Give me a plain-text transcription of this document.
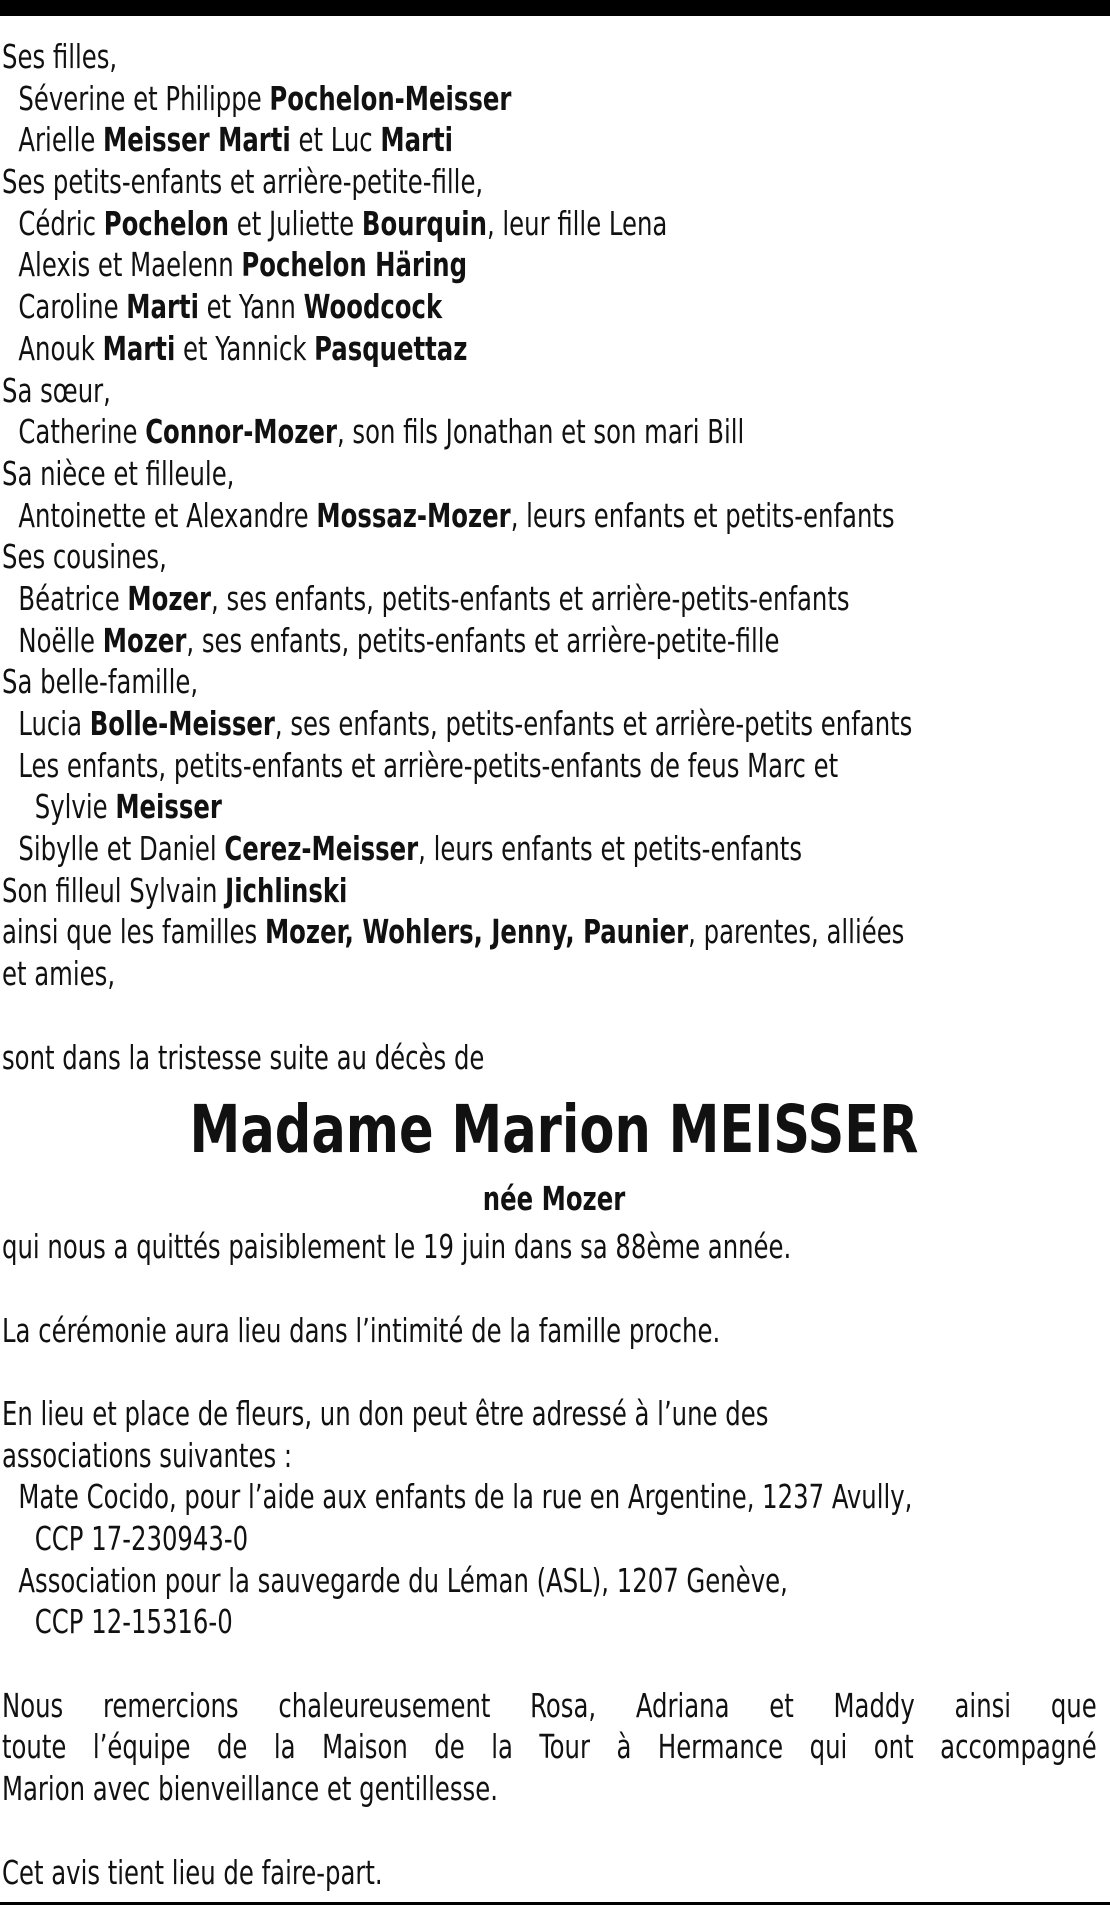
Ses filles,
Séverine et Philippe Pochelon-Meisser
Arielle Meisser Marti et Luc Marti
Ses petits-enfants et arrière-petite-fille,
Cédric Pochelon et Juliette Bourquin, leur fille Lena
Alexis et Maelenn Pochelon Häring
Caroline Marti et Yann Woodcock
Anouk Marti et Yannick Pasquettaz
Sa sœur,
Catherine Connor-Mozer, son fils Jonathan et son mari Bill
Sa nièce et filleule,
Antoinette et Alexandre Mossaz-Mozer, leurs enfants et petits-enfants
Ses cousines,
Béatrice Mozer, ses enfants, petits-enfants et arrière-petits-enfants
Noëlle Mozer, ses enfants, petits-enfants et arrière-petite-fille
Sa belle-famille,
Lucia Bolle-Meisser, ses enfants, petits-enfants et arrière-petits enfants
Les enfants, petits-enfants et arrière-petits-enfants de feus Marc et
Sylvie Meisser
Sibylle et Daniel Cerez-Meisser, leurs enfants et petits-enfants
Son filleul Sylvain Jichlinski
ainsi que les familles Mozer, Wohlers, Jenny, Paunier, parentes, alliées
et amies,
sont dans la tristesse suite au décès de
Madame Marion MEISSER
née Mozer
qui nous a quittés paisiblement le 19 juin dans sa 88ème année.
La cérémonie aura lieu dans l’intimité de la famille proche.
En lieu et place de fleurs, un don peut être adressé à l’une des
associations suivantes :
Mate Cocido, pour l’aide aux enfants de la rue en Argentine, 1237 Avully,
CCP 17-230943-0
Association pour la sauvegarde du Léman (ASL), 1207 Genève,
CCP 12-15316-0
Nous remercions chaleureusement Rosa, Adriana et Maddy ainsi que
toute l’équipe de la Maison de la Tour à Hermance qui ont accompagné
Marion avec bienveillance et gentillesse.
Cet avis tient lieu de faire-part.
